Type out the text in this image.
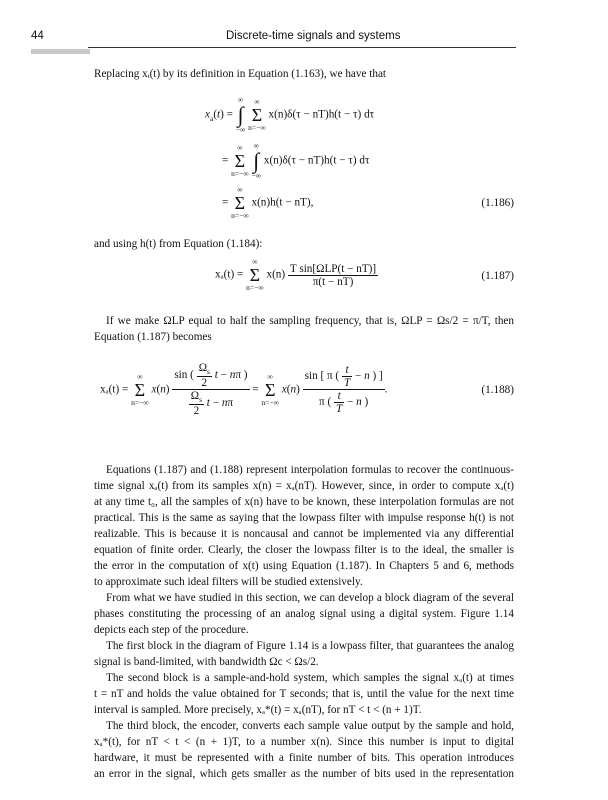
44	Discrete-time signals and systems
Replacing xᵢ(t) by its definition in Equation (1.163), we have that
$x_a(t)$ = ∞
∫
−∞ ∞
Σ
n=−∞ x(n)δ(τ − nT)h(t − τ) dτ
= ∞
Σ
n=−∞ ∞
∫
−∞ x(n)δ(τ − nT)h(t − τ) dτ
= ∞
Σ
n=−∞ x(n)h(t − nT),	(1.186)
and using h(t) from Equation (1.184):
xₐ(t) = ∞
Σ
n=−∞ $x(n) \frac{\text{T sin[ΩLP(t − nT)]}}{\pi(t - nT)}$	(1.187)
If we make ΩLP equal to half the sampling frequency, that is, ΩLP = Ωs/2 = π/T, then
Equation (1.187) becomes
xₐ(t) = ∞
Σ
n=−∞ $x(n) \frac{\sin ( \frac{\Omega_s}{2} t - n\pi )}{\frac{\Omega_s}{2} t - n\pi}$ = ∞
Σ
n=−∞ $x(n) \frac{\sin [ \pi ( \frac{t}{T} - n ) ]}{\pi ( \frac{t}{T} - n )}$ .	(1.188)
Equations (1.187) and (1.188) represent interpolation formulas to recover the continuous-
time signal xₐ(t) from its samples x(n) = xₐ(nT). However, since, in order to compute xₐ(t)
at any time t₀, all the samples of x(n) have to be known, these interpolation formulas are not
practical. This is the same as saying that the lowpass filter with impulse response h(t) is not
realizable. This is because it is noncausal and cannot be implemented via any differential
equation of finite order. Clearly, the closer the lowpass filter is to the ideal, the smaller is
the error in the computation of x(t) using Equation (1.187). In Chapters 5 and 6, methods
to approximate such ideal filters will be studied extensively.
From what we have studied in this section, we can develop a block diagram of the several
phases constituting the processing of an analog signal using a digital system. Figure 1.14
depicts each step of the procedure.
The first block in the diagram of Figure 1.14 is a lowpass filter, that guarantees the analog
signal is band-limited, with bandwidth Ωc < Ωs/2.
The second block is a sample-and-hold system, which samples the signal xₐ(t) at times
t = nT and holds the value obtained for T seconds; that is, until the value for the next time
interval is sampled. More precisely, xₐ*(t) = xₐ(nT), for nT < t < (n + 1)T.
The third block, the encoder, converts each sample value output by the sample and hold,
xₐ*(t), for nT < t < (n + 1)T, to a number x(n). Since this number is input to digital
hardware, it must be represented with a finite number of bits. This operation introduces
an error in the signal, which gets smaller as the number of bits used in the representation
